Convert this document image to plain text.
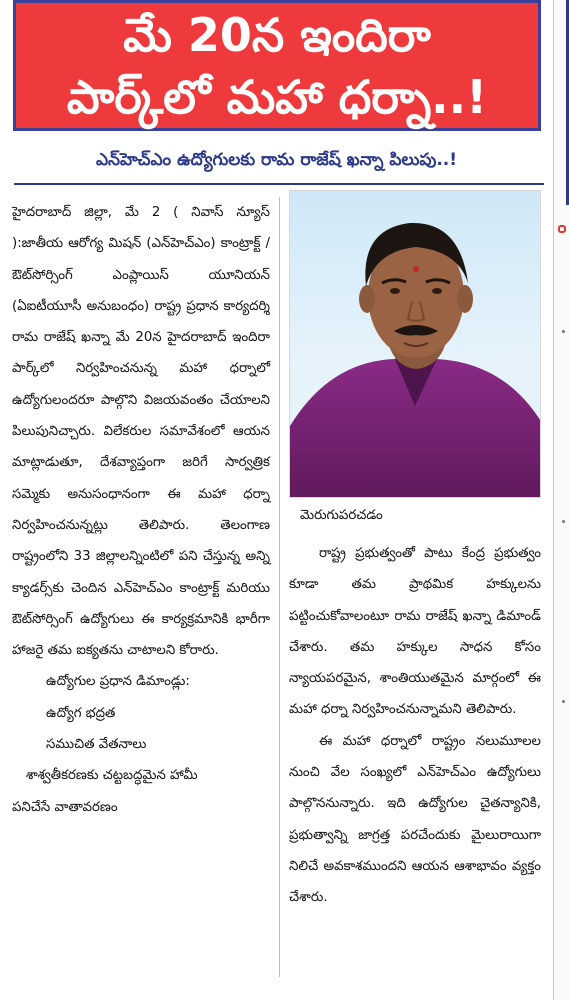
మే 20న ఇందిరా
పార్క్‌లో మహా ధర్నా..!
ఎన్‌హెచ్‌ఎం ఉద్యోగులకు రామ రాజేష్ ఖన్నా పిలుపు..!

హైదరాబాద్ జిల్లా, మే 2 ( నివాస్ న్యూస్ ):జాతీయ ఆరోగ్య మిషన్ (ఎన్‌హెచ్‌ఎం) కాంట్రాక్ట్ / ఔట్‌సోర్సింగ్ ఎంప్లాయిస్ యూనియన్ (ఏఐటీయూసీ అనుబంధం) రాష్ట్ర ప్రధాన కార్యదర్శి రామ రాజేష్ ఖన్నా మే 20న హైదరాబాద్ ఇందిరా పార్క్‌లో నిర్వహించనున్న మహా ధర్నాలో ఉద్యోగులందరూ పాల్గొని విజయవంతం చేయాలని పిలుపునిచ్చారు. విలేకరుల సమావేశంలో ఆయన మాట్లాడుతూ, దేశవ్యాప్తంగా జరిగే సార్వత్రిక సమ్మెకు అనుసంధానంగా ఈ మహా ధర్నా నిర్వహించనున్నట్లు తెలిపారు. తెలంగాణ రాష్ట్రంలోని 33 జిల్లాలన్నింటిలో పని చేస్తున్న అన్ని క్యాడర్స్‌కు చెందిన ఎన్‌హెచ్‌ఎం కాంట్రాక్ట్ మరియు ఔట్‌సోర్సింగ్ ఉద్యోగులు ఈ కార్యక్రమానికి భారీగా హాజరై తమ ఐక్యతను చాటాలని కోరారు.

ఉద్యోగుల ప్రధాన డిమాండ్లు:
ఉద్యోగ భద్రత
సముచిత వేతనాలు
శాశ్వతీకరణకు చట్టబద్ధమైన హామీ
పనిచేసే వాతావరణం
మెరుగుపరచడం

రాష్ట్ర ప్రభుత్వంతో పాటు కేంద్ర ప్రభుత్వం కూడా తమ ప్రాథమిక హక్కులను పట్టించుకోవాలంటూ రామ రాజేష్ ఖన్నా డిమాండ్ చేశారు. తమ హక్కుల సాధన కోసం న్యాయపరమైన, శాంతియుతమైన మార్గంలో ఈ మహా ధర్నా నిర్వహించనున్నామని తెలిపారు.

ఈ మహా ధర్నాలో రాష్ట్రం నలుమూలల నుంచి వేల సంఖ్యలో ఎన్‌హెచ్‌ఎం ఉద్యోగులు పాల్గొననున్నారు. ఇది ఉద్యోగుల చైతన్యానికి, ప్రభుత్వాన్ని జాగ్రత్త పరచేందుకు మైలురాయిగా నిలిచే అవకాశముందని ఆయన ఆశాభావం వ్యక్తం చేశారు.
